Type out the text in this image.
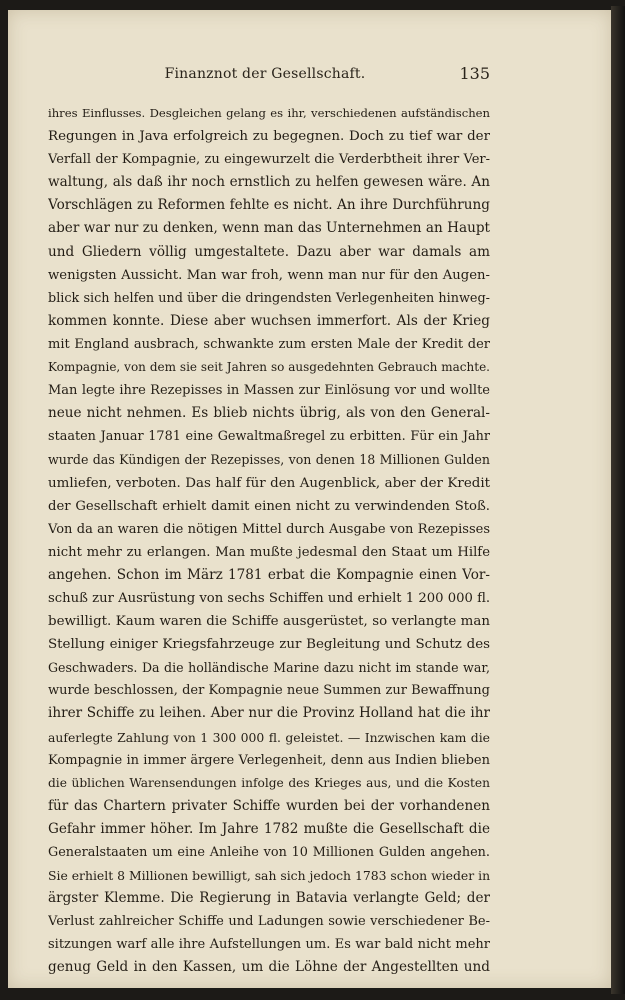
Finanznot der Gesellschaft.	135
ihres Einflusses. Desgleichen gelang es ihr, verschiedenen aufständischen
Regungen in Java erfolgreich zu begegnen. Doch zu tief war der
Verfall der Kompagnie, zu eingewurzelt die Verderbtheit ihrer Ver-
waltung, als daß ihr noch ernstlich zu helfen gewesen wäre. An
Vorschlägen zu Reformen fehlte es nicht. An ihre Durchführung
aber war nur zu denken, wenn man das Unternehmen an Haupt
und Gliedern völlig umgestaltete. Dazu aber war damals am
wenigsten Aussicht. Man war froh, wenn man nur für den Augen-
blick sich helfen und über die dringendsten Verlegenheiten hinweg-
kommen konnte. Diese aber wuchsen immerfort. Als der Krieg
mit England ausbrach, schwankte zum ersten Male der Kredit der
Kompagnie, von dem sie seit Jahren so ausgedehnten Gebrauch machte.
Man legte ihre Rezepisses in Massen zur Einlösung vor und wollte
neue nicht nehmen. Es blieb nichts übrig, als von den General-
staaten Januar 1781 eine Gewaltmaßregel zu erbitten. Für ein Jahr
wurde das Kündigen der Rezepisses, von denen 18 Millionen Gulden
umliefen, verboten. Das half für den Augenblick, aber der Kredit
der Gesellschaft erhielt damit einen nicht zu verwindenden Stoß.
Von da an waren die nötigen Mittel durch Ausgabe von Rezepisses
nicht mehr zu erlangen. Man mußte jedesmal den Staat um Hilfe
angehen. Schon im März 1781 erbat die Kompagnie einen Vor-
schuß zur Ausrüstung von sechs Schiffen und erhielt 1 200 000 fl.
bewilligt. Kaum waren die Schiffe ausgerüstet, so verlangte man
Stellung einiger Kriegsfahrzeuge zur Begleitung und Schutz des
Geschwaders. Da die holländische Marine dazu nicht im stande war,
wurde beschlossen, der Kompagnie neue Summen zur Bewaffnung
ihrer Schiffe zu leihen. Aber nur die Provinz Holland hat die ihr
auferlegte Zahlung von 1 300 000 fl. geleistet. — Inzwischen kam die
Kompagnie in immer ärgere Verlegenheit, denn aus Indien blieben
die üblichen Warensendungen infolge des Krieges aus, und die Kosten
für das Chartern privater Schiffe wurden bei der vorhandenen
Gefahr immer höher. Im Jahre 1782 mußte die Gesellschaft die
Generalstaaten um eine Anleihe von 10 Millionen Gulden angehen.
Sie erhielt 8 Millionen bewilligt, sah sich jedoch 1783 schon wieder in
ärgster Klemme. Die Regierung in Batavia verlangte Geld; der
Verlust zahlreicher Schiffe und Ladungen sowie verschiedener Be-
sitzungen warf alle ihre Aufstellungen um. Es war bald nicht mehr
genug Geld in den Kassen, um die Löhne der Angestellten und
